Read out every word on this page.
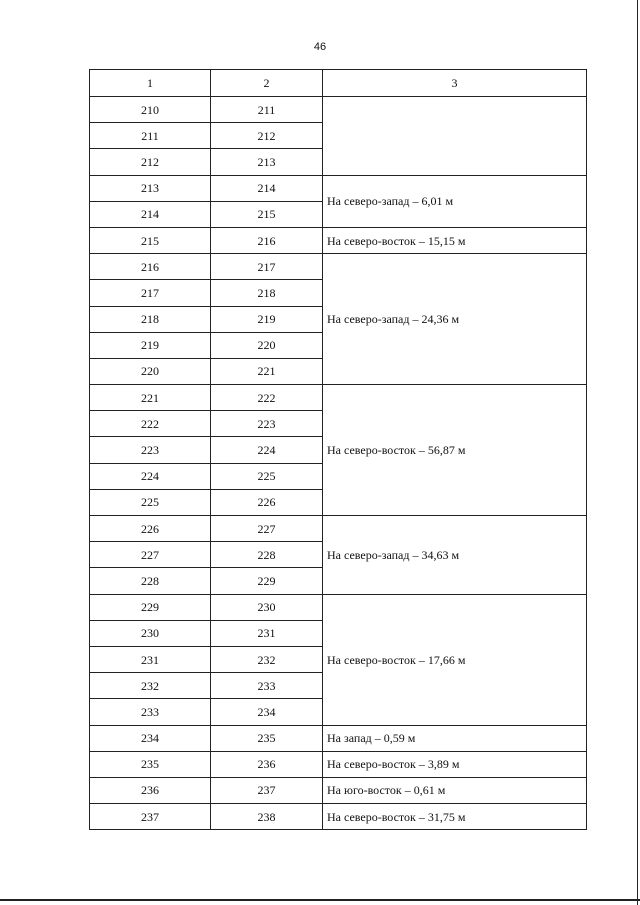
46
1	2	3
210	211	
211	212	
212	213	
213	214	На северо-запад – 6,01 м
214	215	
215	216	На северо-восток – 15,15 м
216	217	На северо-запад – 24,36 м
217	218	
218	219	
219	220	
220	221	
221	222	На северо-восток – 56,87 м
222	223	
223	224	
224	225	
225	226	
226	227	На северо-запад – 34,63 м
227	228	
228	229	
229	230	На северо-восток – 17,66 м
230	231	
231	232	
232	233	
233	234	
234	235	На запад – 0,59 м
235	236	На северо-восток – 3,89 м
236	237	На юго-восток – 0,61 м
237	238	На северо-восток – 31,75 м
